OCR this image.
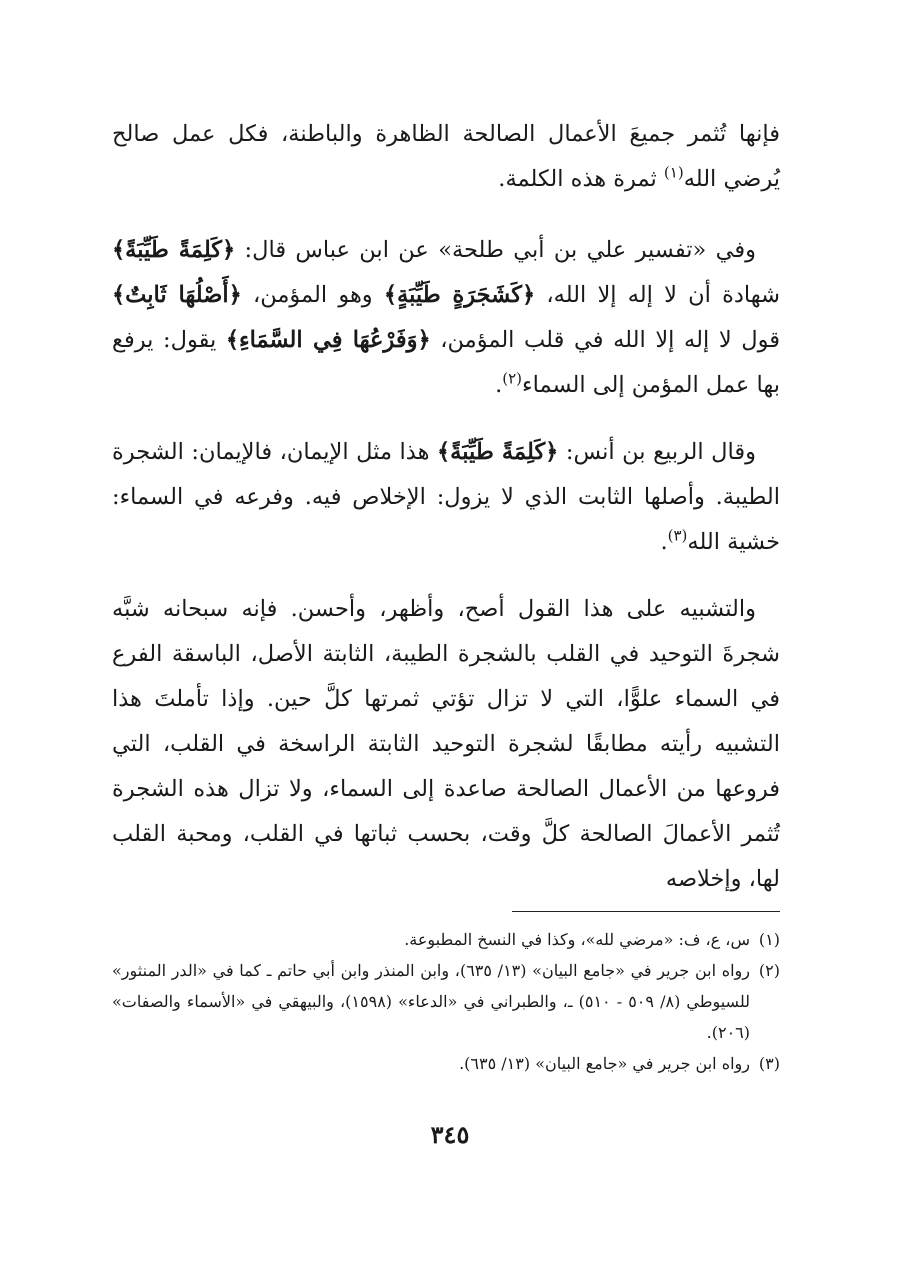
فإنها تُثمر جميعَ الأعمال الصالحة الظاهرة والباطنة، فكل عمل صالح يُرضي الله$^{(١)}$ ثمرة هذه الكلمة.

وفي «تفسير علي بن أبي طلحة» عن ابن عباس قال: ﴿كَلِمَةً طَيِّبَةً﴾ شهادة أن لا إله إلا الله، ﴿كَشَجَرَةٍ طَيِّبَةٍ﴾ وهو المؤمن، ﴿أَصْلُهَا ثَابِتٌ﴾ قول لا إله إلا الله في قلب المؤمن، ﴿وَفَرْعُهَا فِي السَّمَاءِ﴾ يقول: يرفع بها عمل المؤمن إلى السماء$^{(٢)}$.

وقال الربيع بن أنس: ﴿كَلِمَةً طَيِّبَةً﴾ هذا مثل الإيمان، فالإيمان: الشجرة الطيبة. وأصلها الثابت الذي لا يزول: الإخلاص فيه. وفرعه في السماء: خشية الله$^{(٣)}$.

والتشبيه على هذا القول أصح، وأظهر، وأحسن. فإنه سبحانه شبَّه شجرةَ التوحيد في القلب بالشجرة الطيبة، الثابتة الأصل، الباسقة الفرع في السماء علوًّا، التي لا تزال تؤتي ثمرتها كلَّ حين. وإذا تأملتَ هذا التشبيه رأيته مطابقًا لشجرة التوحيد الثابتة الراسخة في القلب، التي فروعها من الأعمال الصالحة صاعدة إلى السماء، ولا تزال هذه الشجرة تُثمر الأعمالَ الصالحة كلَّ وقت، بحسب ثباتها في القلب، ومحبة القلب لها، وإخلاصه

(١)
س، ع، ف: «مرضي لله»، وكذا في النسخ المطبوعة.
(٢)
رواه ابن جرير في «جامع البيان» (١٣/ ٦٣٥)، وابن المنذر وابن أبي حاتم ـ كما في «الدر المنثور» للسيوطي (٨/ ٥٠٩ - ٥١٠) ـ، والطبراني في «الدعاء» (١٥٩٨)، والبيهقي في «الأسماء والصفات» (٢٠٦).
(٣)
رواه ابن جرير في «جامع البيان» (١٣/ ٦٣٥).
٣٤٥
